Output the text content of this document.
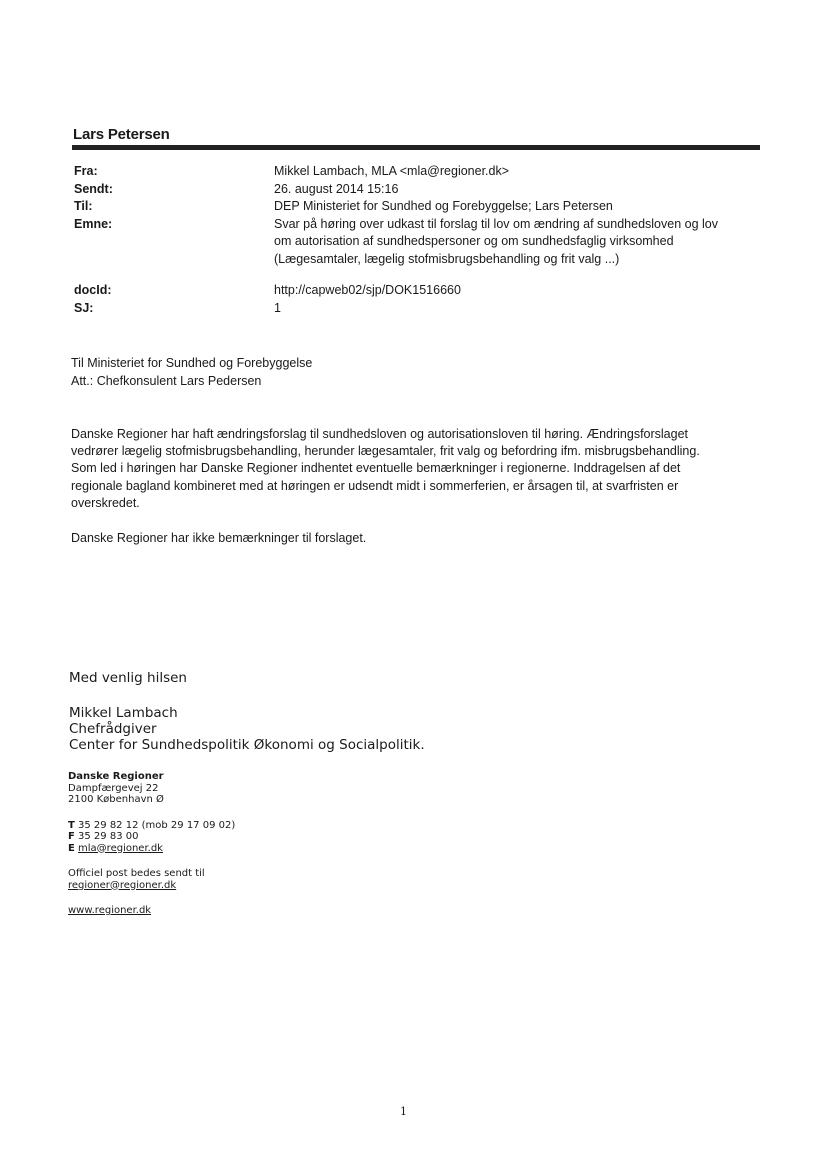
Lars Petersen
Fra:	Mikkel Lambach, MLA <mla@regioner.dk>
Sendt:	26. august 2014 15:16
Til:	DEP Ministeriet for Sundhed og Forebyggelse; Lars Petersen
Emne:	Svar på høring over udkast til forslag til lov om ændring af sundhedsloven og lov
om autorisation af sundhedspersoner og om sundhedsfaglig virksomhed
(Lægesamtaler, lægelig stofmisbrugsbehandling og frit valg ...)
docId:	http://capweb02/sjp/DOK1516660
SJ:	1
Til Ministeriet for Sundhed og Forebyggelse
Att.: Chefkonsulent Lars Pedersen

Danske Regioner har haft ændringsforslag til sundhedsloven og autorisationsloven til høring. Ændringsforslaget
vedrører lægelig stofmisbrugsbehandling, herunder lægesamtaler, frit valg og befordring ifm. misbrugsbehandling.
Som led i høringen har Danske Regioner indhentet eventuelle bemærkninger i regionerne. Inddragelsen af det
regionale bagland kombineret med at høringen er udsendt midt i sommerferien, er årsagen til, at svarfristen er
overskredet.

Danske Regioner har ikke bemærkninger til forslaget.

Med venlig hilsen
Mikkel Lambach
Chefrådgiver
Center for Sundhedspolitik Økonomi og Socialpolitik.
Danske Regioner
Dampfærgevej 22
2100 København Ø
T 35 29 82 12 (mob 29 17 09 02)
F 35 29 83 00
E mla@regioner.dk
Officiel post bedes sendt til
regioner@regioner.dk
www.regioner.dk
1
